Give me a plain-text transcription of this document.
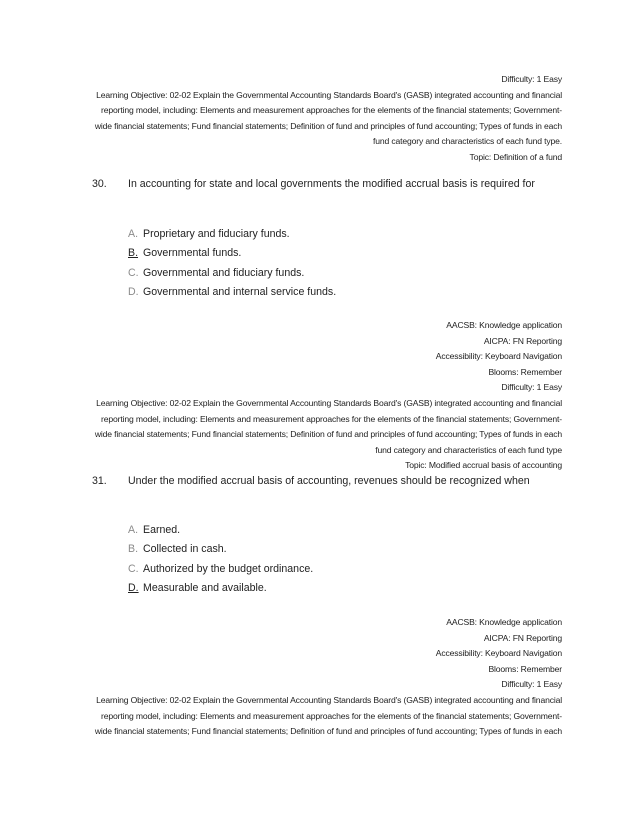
Difficulty: 1 Easy
Learning Objective: 02-02 Explain the Governmental Accounting Standards Board's (GASB) integrated accounting and financial
reporting model, including: Elements and measurement approaches for the elements of the financial statements; Government-
wide financial statements; Fund financial statements; Definition of fund and principles of fund accounting; Types of funds in each
fund category and characteristics of each fund type.
Topic: Definition of a fund
30. In accounting for state and local governments the modified accrual basis is required for
A. Proprietary and fiduciary funds.
B. Governmental funds.
C. Governmental and fiduciary funds.
D. Governmental and internal service funds.
AACSB: Knowledge application
AICPA: FN Reporting
Accessibility: Keyboard Navigation
Blooms: Remember
Difficulty: 1 Easy
Learning Objective: 02-02 Explain the Governmental Accounting Standards Board's (GASB) integrated accounting and financial
reporting model, including: Elements and measurement approaches for the elements of the financial statements; Government-
wide financial statements; Fund financial statements; Definition of fund and principles of fund accounting; Types of funds in each
fund category and characteristics of each fund type
Topic: Modified accrual basis of accounting
31. Under the modified accrual basis of accounting, revenues should be recognized when
A. Earned.
B. Collected in cash.
C. Authorized by the budget ordinance.
D. Measurable and available.
AACSB: Knowledge application
AICPA: FN Reporting
Accessibility: Keyboard Navigation
Blooms: Remember
Difficulty: 1 Easy
Learning Objective: 02-02 Explain the Governmental Accounting Standards Board's (GASB) integrated accounting and financial
reporting model, including: Elements and measurement approaches for the elements of the financial statements; Government-
wide financial statements; Fund financial statements; Definition of fund and principles of fund accounting; Types of funds in each
